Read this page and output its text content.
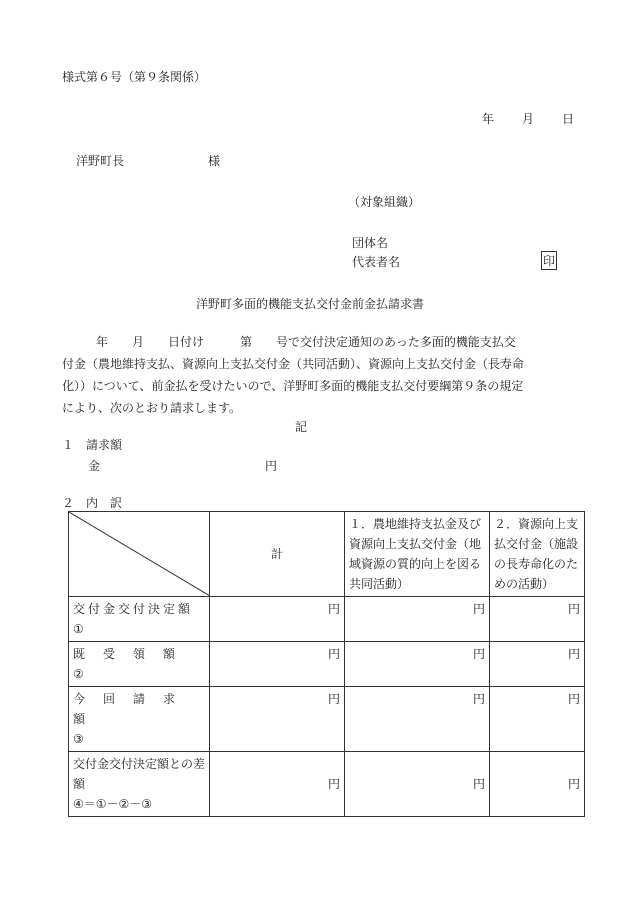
様式第６号（第９条関係）
年 月 日
洋野町長	様
（対象組織）
団体名
代表者名	印
洋野町多面的機能支払交付金前金払請求書
年　　月　　日付け　　　第　　号で交付決定通知のあった多面的機能支払交
付金（農地維持支払、資源向上支払交付金（共同活動）、資源向上支払交付金（長寿命
化））について、前金払を受けたいので、洋野町多面的機能支払交付要綱第９条の規定
により、次のとおり請求します。
記
１　請求額
金	円
２　内　訳
	計	１．農地維持支払金及び資源向上支払交付金（地域資源の質的向上を図る共同活動）	２．資源向上支払交付金（施設の長寿命化のための活動）

交付金交付決定額
①	円	円	円

既　受　領　額
②	円	円	円

今　回　請　求　額
③	円	円	円

交付金交付決定額との差額
④＝①－②－③	円	円	円
